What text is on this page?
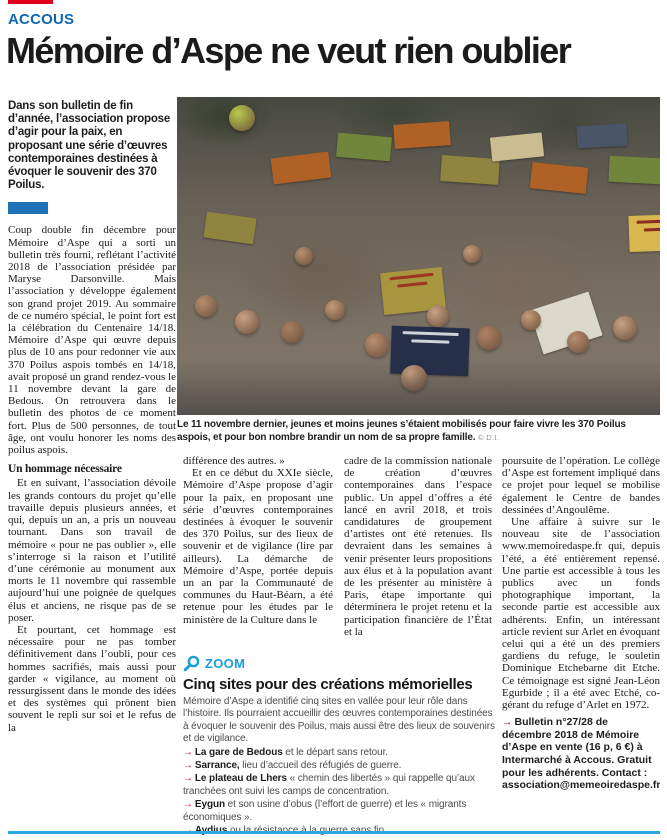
ACCOUS
Mémoire d’Aspe ne veut rien oublier
Dans son bulletin de fin d’année, l’association propose d’agir pour la paix, en proposant une série d’œuvres contemporaines destinées à évoquer le souvenir des 370 Poilus.

Coup double fin décembre pour Mémoire d’Aspe qui a sorti un bulletin très fourni, reflétant l’activité 2018 de l’association présidée par Maryse Darsonville. Mais l’association y développe également son grand projet 2019. Au sommaire de ce numéro spécial, le point fort est la célébration du Centenaire 14/18. Mémoire d’Aspe qui œuvre depuis plus de 10 ans pour redonner vie aux 370 Poilus aspois tombés en 14/18, avait proposé un grand rendez-vous le 11 novembre devant la gare de Bedous. On retrouvera dans le bulletin des photos de ce moment fort. Plus de 500 personnes, de tout âge, ont voulu honorer les noms des poilus aspois.

Un hommage nécessaire

Et en suivant, l’association dévoile les grands contours du projet qu’elle travaille depuis plusieurs années, et qui, depuis un an, a pris un nouveau tournant. Dans son travail de mémoire « pour ne pas oublier », elle s’interroge si la raison et l’utilité d’une cérémonie au monument aux morts le 11 novembre qui rassemble aujourd’hui une poignée de quelques élus et anciens, ne risque pas de se poser.

Et pourtant, cet hommage est nécessaire pour ne pas tomber définitivement dans l’oubli, pour ces hommes sacrifiés, mais aussi pour garder « vigilance, au moment où ressurgissent dans le monde des idées et des systèmes qui prônent bien souvent le repli sur soi et le refus de la

Le 11 novembre dernier, jeunes et moins jeunes s’étaient mobilisés pour faire vivre les 370 Poilus aspois, et pour bon nombre brandir un nom de sa propre famille. © D.I.

différence des autres. »

Et en ce début du XXIe siècle, Mémoire d’Aspe propose d’agir pour la paix, en proposant une série d’œuvres contemporaines destinées à évoquer le souvenir des 370 Poilus, sur des lieux de souvenir et de vigilance (lire par ailleurs). La démarche de Mémoire d’Aspe, portée depuis un an par la Communauté de communes du Haut-Béarn, a été retenue pour les études par le ministère de la Culture dans le

cadre de la commission nationale de création d’œuvres contemporaines dans l’espace public. Un appel d’offres a été lancé en avril 2018, et trois candidatures de groupement d’artistes ont été retenues. Ils devraient dans les semaines à venir présenter leurs propositions aux élus et à la population avant de les présenter au ministère à Paris, étape importante qui déterminera le projet retenu et la participation financière de l’État et la

poursuite de l’opération. Le collège d’Aspe est fortement impliqué dans ce projet pour lequel se mobilise également le Centre de bandes dessinées d’Angoulême.

Une affaire à suivre sur le nouveau site de l’association www.memoiredaspe.fr qui, depuis l’été, a été entièrement repensé. Une partie est accessible à tous les publics avec un fonds photographique important, la seconde partie est accessible aux adhérents. Enfin, un intéressant article revient sur Arlet en évoquant celui qui a été un des premiers gardiens du refuge, le souletin Dominique Etchebarne dit Etche. Ce témoignage est signé Jean-Léon Egurbide ; il a été avec Etché, co-gérant du refuge d’Arlet en 1972.

→ Bulletin n°27/28 de décembre 2018 de Mémoire d’Aspe en vente (16 p, 6 €) à Intermarché à Accous. Gratuit pour les adhérents. Contact : association@memeoiredaspe.fr
ZOOM
Cinq sites pour des créations mémorielles
Mémoire d’Aspe a identifié cinq sites en vallée pour leur rôle dans l’histoire. Ils pourraient accueillir des œuvres contemporaines destinées à évoquer le souvenir des Poilus, mais aussi être des lieux de souvenirs et de vigilance.
→ La gare de Bedous et le départ sans retour.
→ Sarrance, lieu d’accueil des réfugiés de guerre.
→ Le plateau de Lhers « chemin des libertés » qui rappelle qu’aux tranchées ont suivi les camps de concentration.
→ Eygun et son usine d’obus (l’effort de guerre) et les « migrants économiques ».
